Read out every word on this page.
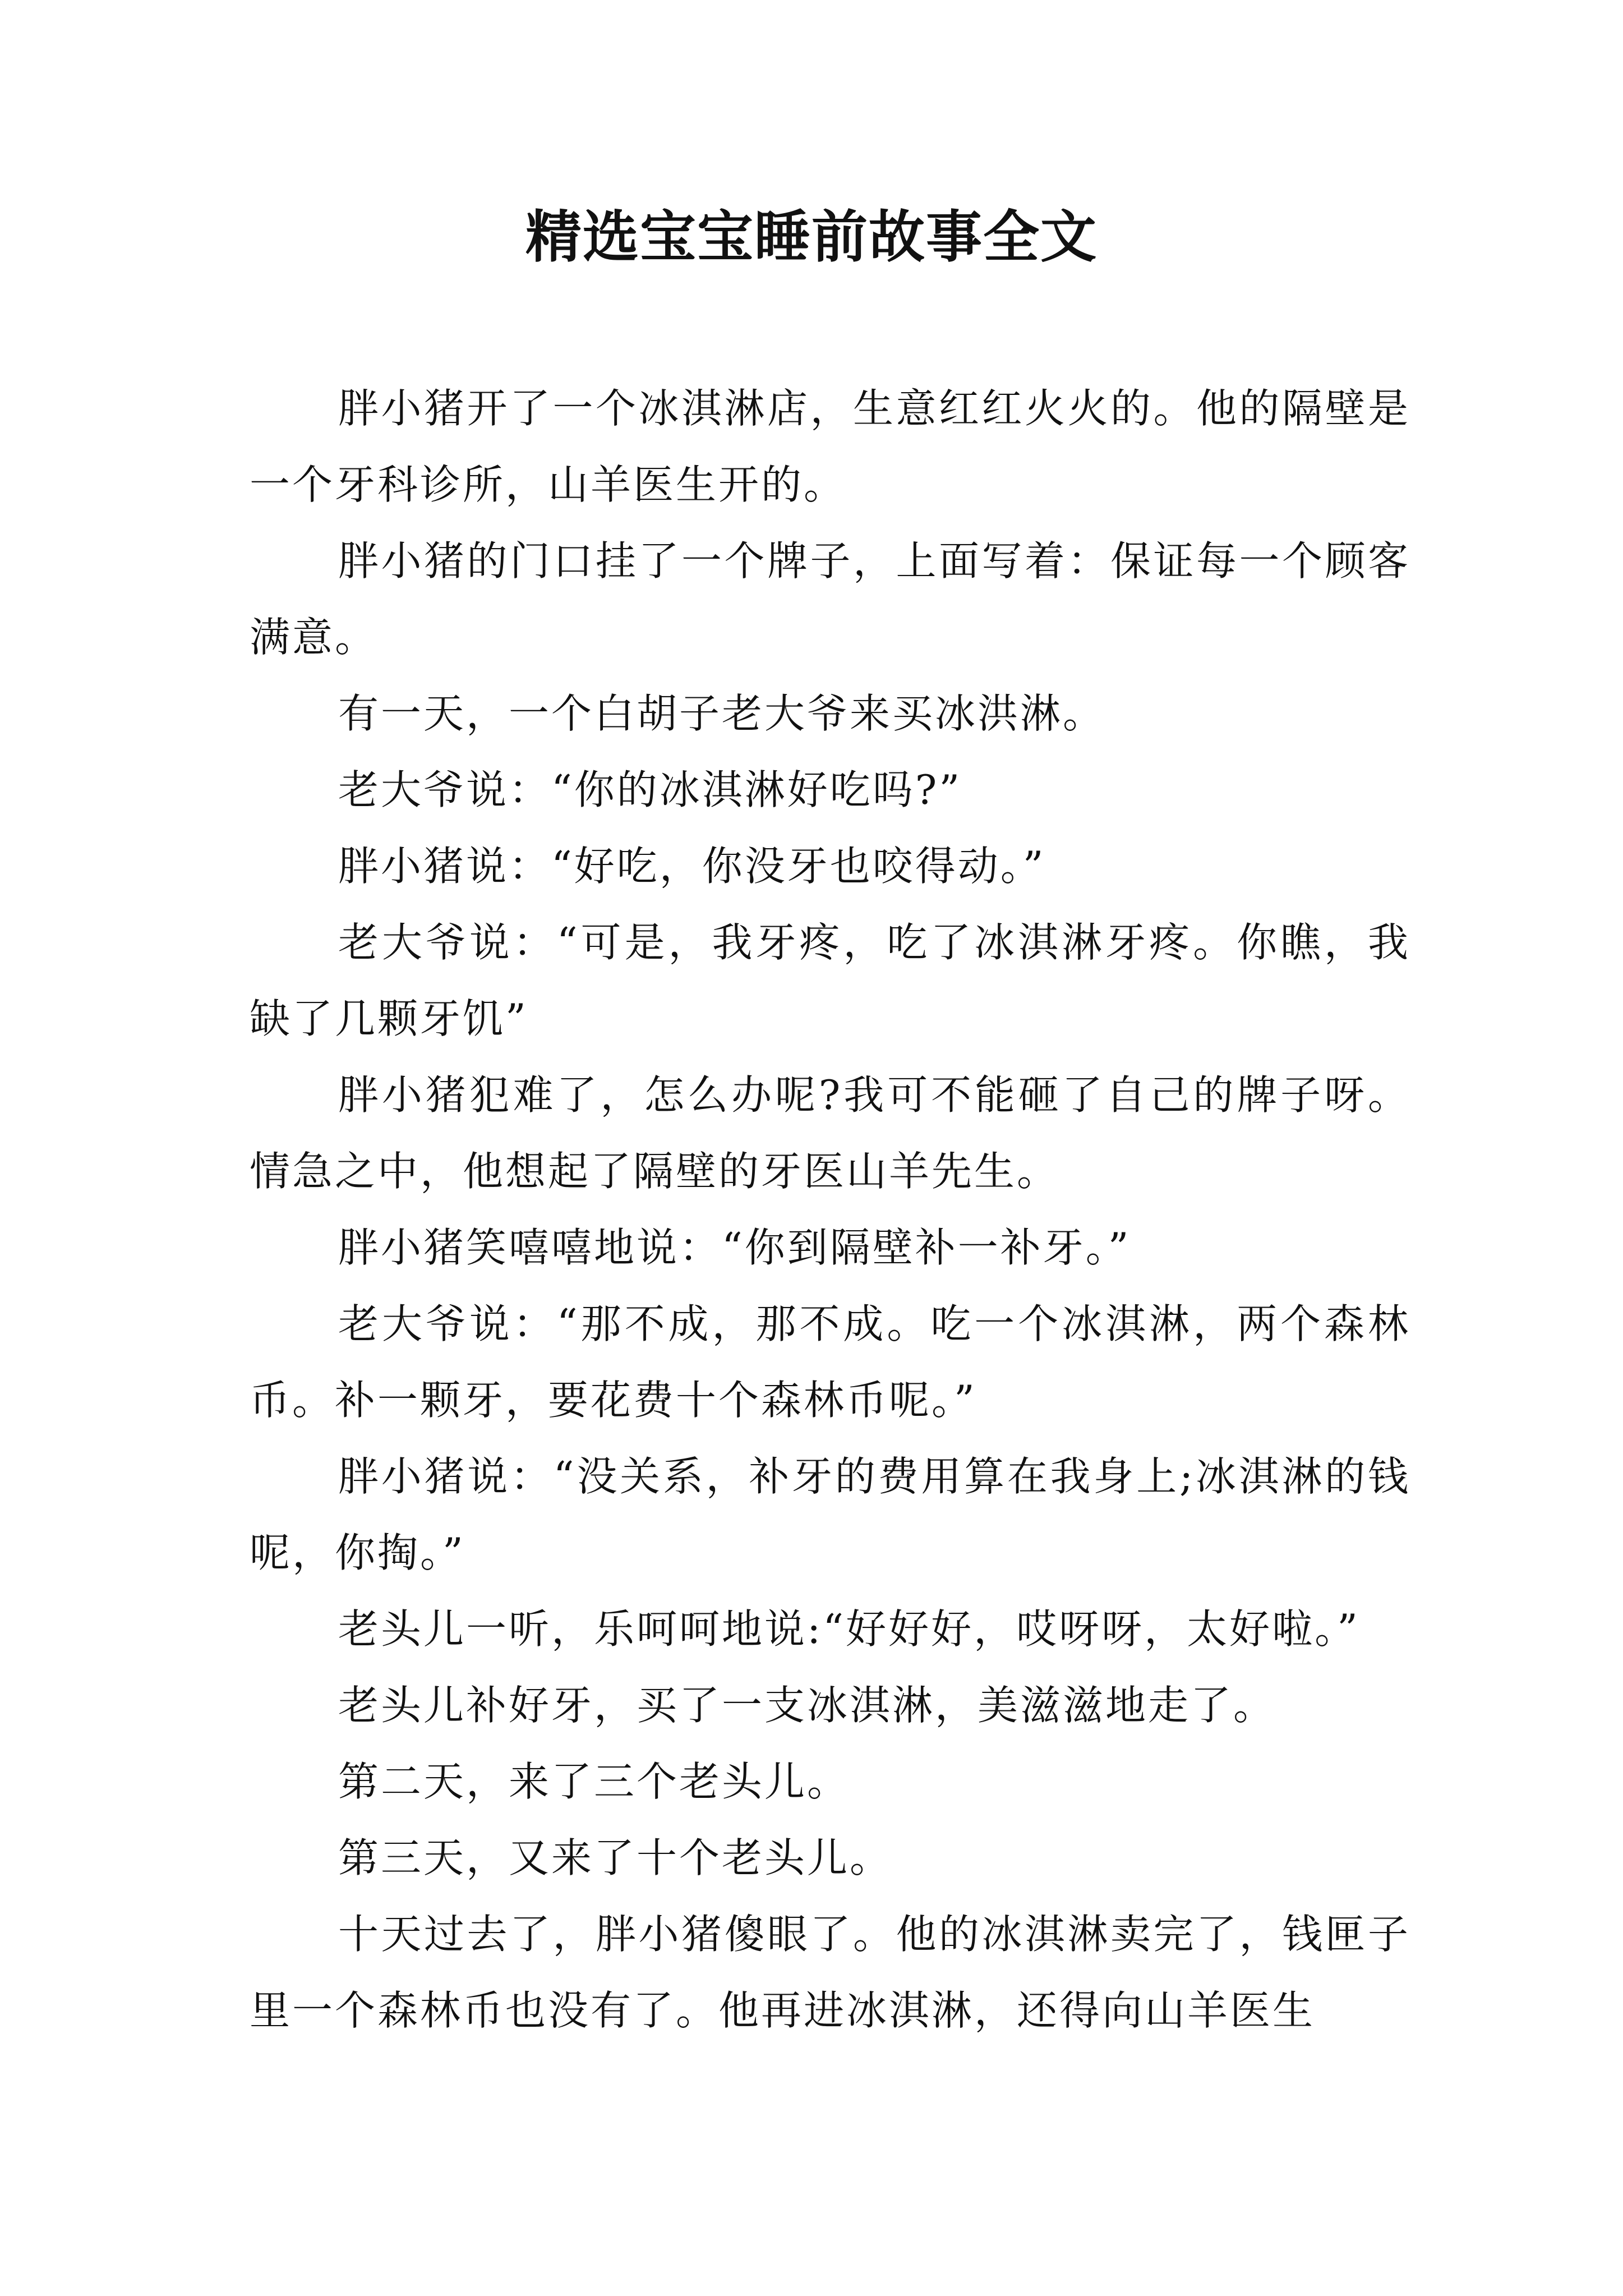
精选宝宝睡前故事全文

胖小猪开了一个冰淇淋店，生意红红火火的。他的隔壁是一个牙科诊所，山羊医生开的。

胖小猪的门口挂了一个牌子，上面写着：保证每一个顾客满意。

有一天，一个白胡子老大爷来买冰洪淋。

老大爷说：“你的冰淇淋好吃吗?”

胖小猪说：“好吃，你没牙也咬得动。”

老大爷说：“可是，我牙疼，吃了冰淇淋牙疼。你瞧，我缺了几颗牙饥”

胖小猪犯难了，怎么办呢?我可不能砸了自己的牌子呀。情急之中，他想起了隔壁的牙医山羊先生。

胖小猪笑嘻嘻地说：“你到隔壁补一补牙。”

老大爷说：“那不成，那不成。吃一个冰淇淋，两个森林币。补一颗牙，要花费十个森林币呢。”

胖小猪说：“没关系，补牙的费用算在我身上;冰淇淋的钱呢，你掏。”

老头儿一听，乐呵呵地说:“好好好，哎呀呀，太好啦。”

老头儿补好牙，买了一支冰淇淋，美滋滋地走了。

第二天，来了三个老头儿。

第三天，又来了十个老头儿。

十天过去了，胖小猪傻眼了。他的冰淇淋卖完了，钱匣子里一个森林币也没有了。他再进冰淇淋，还得向山羊医生
